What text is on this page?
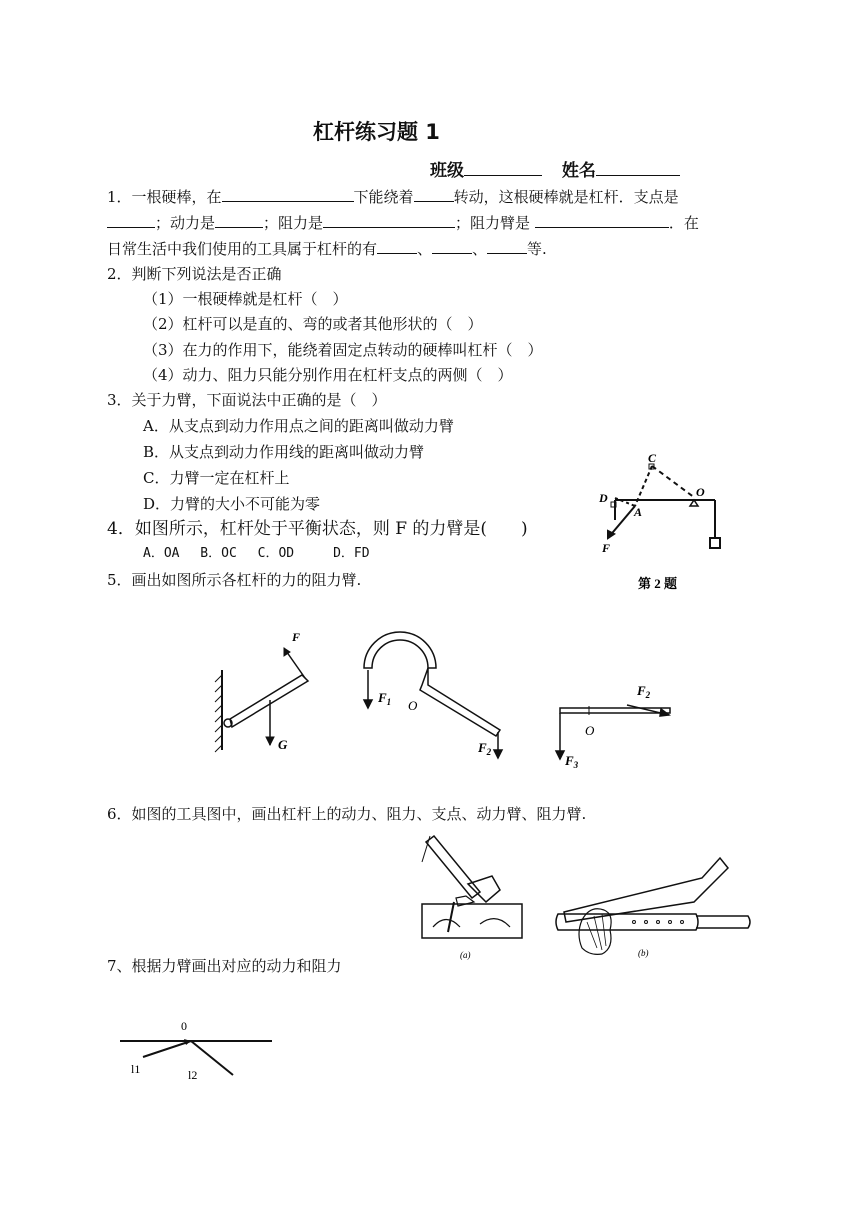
杠杆练习题 1
班级	姓名
1．一根硬棒，在	下能绕着	转动，这根硬棒就是杠杆．支点是
；动力是	；阻力是	；阻力臂是	．在
日常生活中我们使用的工具属于杠杆的有	、	、	等.
2．判断下列说法是否正确
（1）一根硬棒就是杠杆（　）
（2）杠杆可以是直的、弯的或者其他形状的（　）
（3）在力的作用下，能绕着固定点转动的硬棒叫杠杆（　）
（4）动力、阻力只能分别作用在杠杆支点的两侧（　）
3．关于力臂，下面说法中正确的是（　）
A．从支点到动力作用点之间的距离叫做动力臂
B．从支点到动力作用线的距离叫做动力臂
C．力臂一定在杠杆上
D．力臂的大小不可能为零
4．如图所示，杠杆处于平衡状态，则 F 的力臂是(　　)
A．OA　 B．OC　 C．OD　　　D．FD
5．画出如图所示各杠杆的力的阻力臂.
6．如图的工具图中，画出杠杆上的动力、阻力、支点、动力臂、阻力臂.
7、根据力臂画出对应的动力和阻力
C
D	O
A
F
第 2 题
F
G
$F_1$ O
$F_2$
$F_2$
O
$F_3$
(a)	(b)
0
l1	l2
